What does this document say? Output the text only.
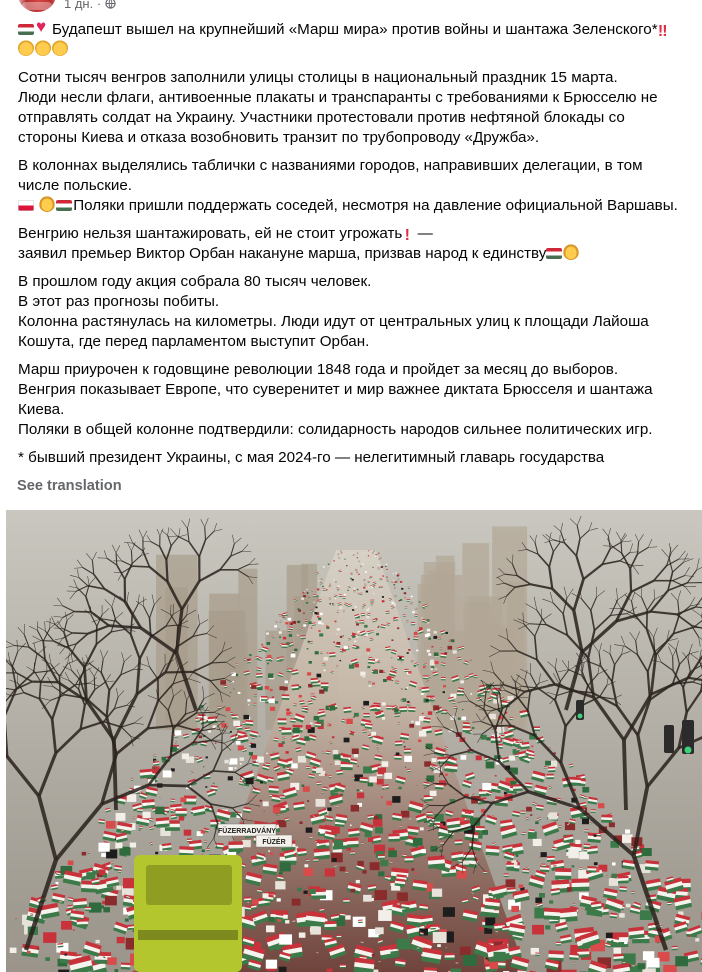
1 дн. ·
♥Будапешт вышел на крупнейший «Марш мира» против войны и шантажа Зеленского*‼
Сотни тысяч венгров заполнили улицы столицы в национальный праздник 15 марта.
Люди несли флаги, антивоенные плакаты и транспаранты с требованиями к Брюсселю не
отправлять солдат на Украину. Участники протестовали против нефтяной блокады со
стороны Киева и отказа возобновить транзит по трубопроводу «Дружба».
В колоннах выделялись таблички с названиями городов, направивших делегации, в том
числе польские.
Поляки пришли поддержать соседей, несмотря на давление официальной Варшавы.
Венгрию нельзя шантажировать, ей не стоит угрожать ! —
заявил премьер Виктор Орбан накануне марша, призвав народ к единству
В прошлом году акция собрала 80 тысяч человек.
В этот раз прогнозы побиты.
Колонна растянулась на километры. Люди идут от центральных улиц к площади Лайоша
Кошута, где перед парламентом выступит Орбан.
Марш приурочен к годовщине революции 1848 года и пройдет за месяц до выборов.
Венгрия показывает Европе, что суверенитет и мир важнее диктата Брюсселя и шантажа
Киева.
Поляки в общей колонне подтвердили: солидарность народов сильнее политических игр.
* бывший президент Украины, с мая 2024-го — нелегитимный главарь государства
See translation
FÜZERRADVÁNY
FÜZÉR
